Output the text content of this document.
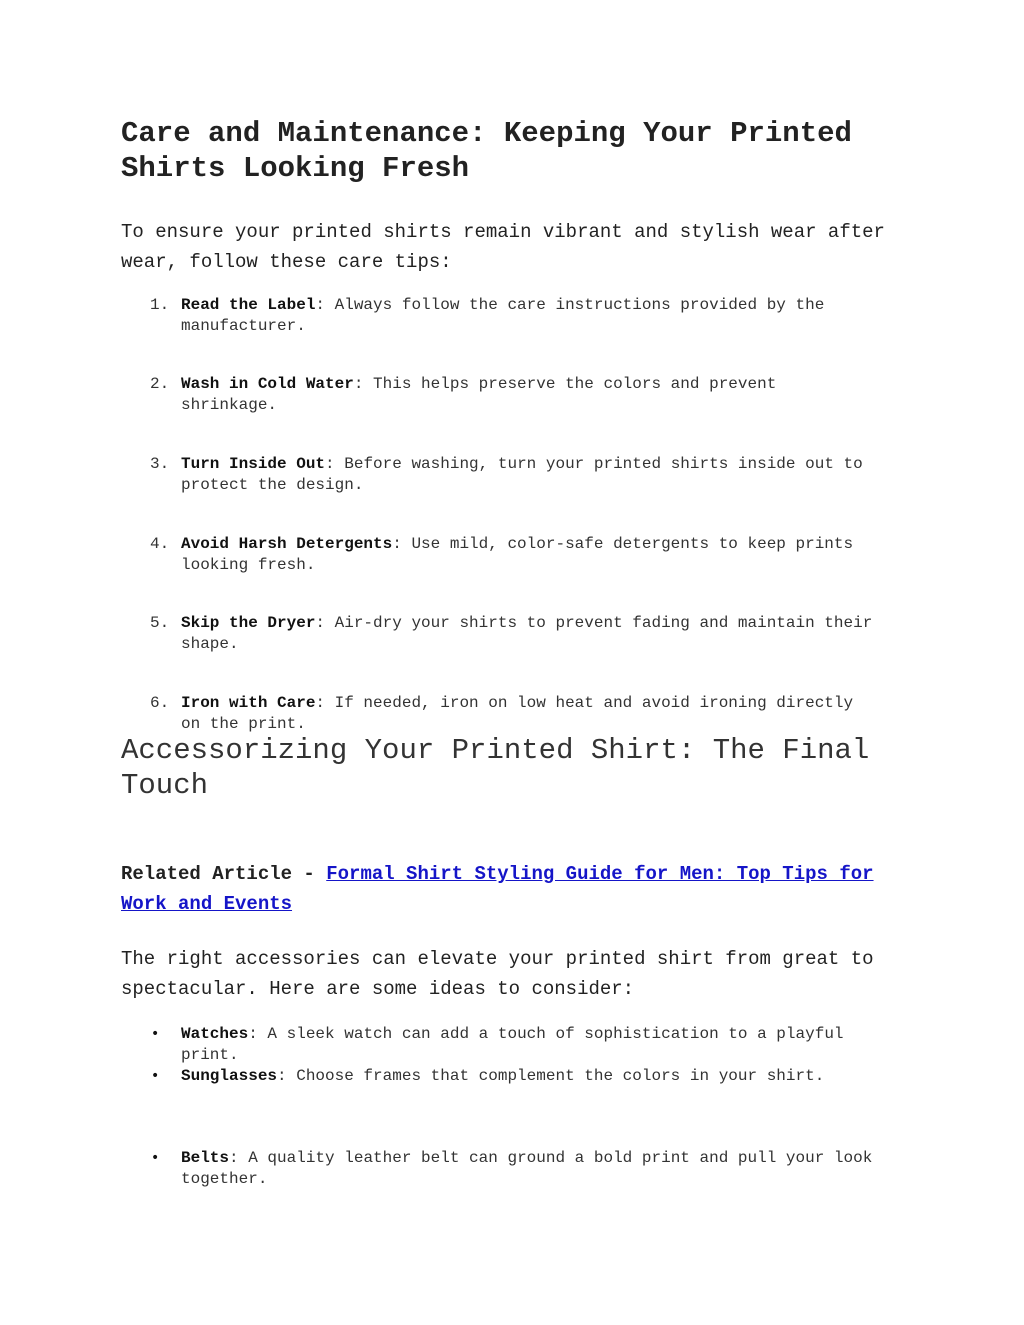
Care and Maintenance: Keeping Your Printed Shirts Looking Fresh

To ensure your printed shirts remain vibrant and stylish wear after wear, follow these care tips:

1. Read the Label: Always follow the care instructions provided by the manufacturer.
2. Wash in Cold Water: This helps preserve the colors and prevent shrinkage.
3. Turn Inside Out: Before washing, turn your printed shirts inside out to protect the design.
4. Avoid Harsh Detergents: Use mild, color-safe detergents to keep prints looking fresh.
5. Skip the Dryer: Air-dry your shirts to prevent fading and maintain their shape.
6. Iron with Care: If needed, iron on low heat and avoid ironing directly on the print.
Accessorizing Your Printed Shirt: The Final Touch

Related Article - Formal Shirt Styling Guide for Men: Top Tips for Work and Events

The right accessories can elevate your printed shirt from great to spectacular. Here are some ideas to consider:

•	Watches: A sleek watch can add a touch of sophistication to a playful print.
•	Sunglasses: Choose frames that complement the colors in your shirt.
•	Belts: A quality leather belt can ground a bold print and pull your look together.
